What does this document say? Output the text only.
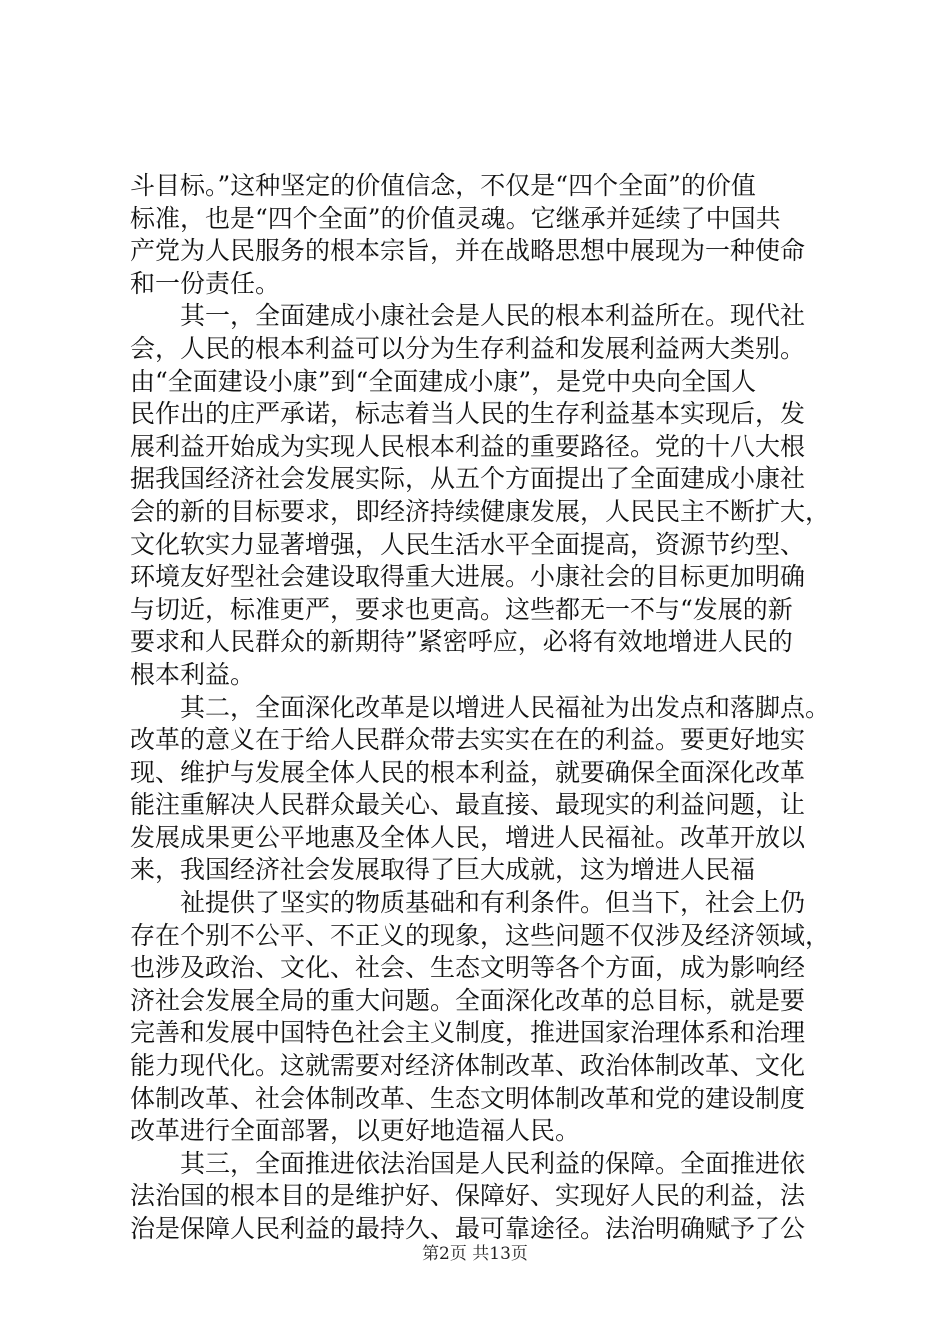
斗目标。”这种坚定的价值信念，不仅是“四个全面”的价值
标准，也是“四个全面”的价值灵魂。它继承并延续了中国共
产党为人民服务的根本宗旨，并在战略思想中展现为一种使命
和一份责任。
其一，全面建成小康社会是人民的根本利益所在。现代社
会，人民的根本利益可以分为生存利益和发展利益两大类别。
由“全面建设小康”到“全面建成小康”，是党中央向全国人
民作出的庄严承诺，标志着当人民的生存利益基本实现后，发
展利益开始成为实现人民根本利益的重要路径。党的十八大根
据我国经济社会发展实际，从五个方面提出了全面建成小康社
会的新的目标要求，即经济持续健康发展，人民民主不断扩大，
文化软实力显著增强，人民生活水平全面提高，资源节约型、
环境友好型社会建设取得重大进展。小康社会的目标更加明确
与切近，标准更严，要求也更高。这些都无一不与“发展的新
要求和人民群众的新期待”紧密呼应，必将有效地增进人民的
根本利益。
其二，全面深化改革是以增进人民福祉为出发点和落脚点。
改革的意义在于给人民群众带去实实在在的利益。要更好地实
现、维护与发展全体人民的根本利益，就要确保全面深化改革
能注重解决人民群众最关心、最直接、最现实的利益问题，让
发展成果更公平地惠及全体人民，增进人民福祉。改革开放以
来，我国经济社会发展取得了巨大成就，这为增进人民福
祉提供了坚实的物质基础和有利条件。但当下，社会上仍
存在个别不公平、不正义的现象，这些问题不仅涉及经济领域，
也涉及政治、文化、社会、生态文明等各个方面，成为影响经
济社会发展全局的重大问题。全面深化改革的总目标，就是要
完善和发展中国特色社会主义制度，推进国家治理体系和治理
能力现代化。这就需要对经济体制改革、政治体制改革、文化
体制改革、社会体制改革、生态文明体制改革和党的建设制度
改革进行全面部署，以更好地造福人民。
其三，全面推进依法治国是人民利益的保障。全面推进依
法治国的根本目的是维护好、保障好、实现好人民的利益，法
治是保障人民利益的最持久、最可靠途径。法治明确赋予了公
第2页 共13页
